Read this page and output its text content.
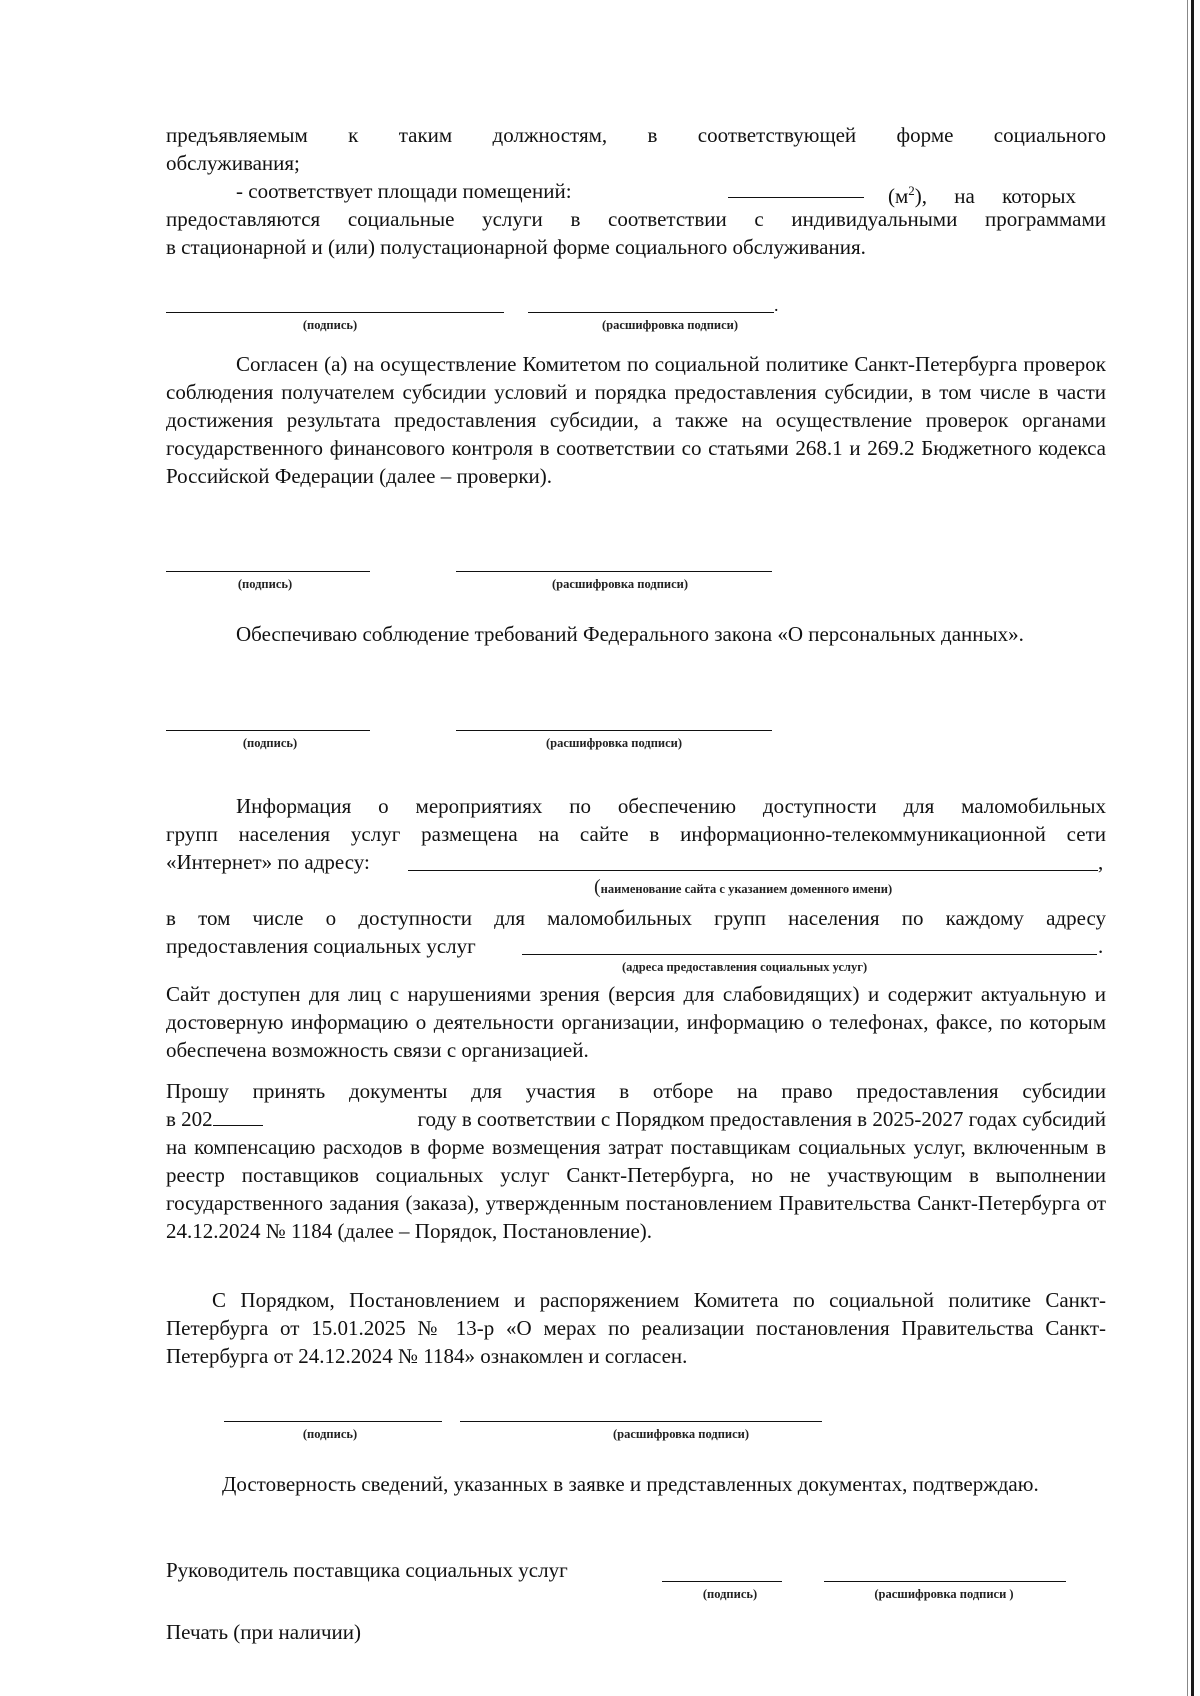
предъявляемым к таким должностям, в соответствующей форме социального
обслуживания;
- соответствует площади помещений:	$(м^2)$, на которых
предоставляются социальные услуги в соответствии с индивидуальными программами
в стационарной и (или) полустационарной форме социального обслуживания.
.
(подпись)	(расшифровка подписи)
Согласен (а) на осуществление Комитетом по социальной политике Санкт-Петербурга проверок соблюдения получателем субсидии условий и порядка предоставления субсидии, в том числе в части достижения результата предоставления субсидии, а также на осуществление проверок органами государственного финансового контроля в соответствии со статьями 268.1 и 269.2 Бюджетного кодекса Российской Федерации (далее – проверки).
(подпись)	(расшифровка подписи)
Обеспечиваю соблюдение требований Федерального закона «О персональных данных».
(подпись)	(расшифровка подписи)
Информация о мероприятиях по обеспечению доступности для маломобильных
групп населения услуг размещена на сайте в информационно-телекоммуникационной сети
«Интернет» по адресу:	,
(наименование сайта с указанием доменного имени)
в том числе о доступности для маломобильных групп населения по каждому адресу
предоставления социальных услуг	.
(адреса предоставления социальных услуг)
Сайт доступен для лиц с нарушениями зрения (версия для слабовидящих) и содержит актуальную и достоверную информацию о деятельности организации, информацию о телефонах, факсе, по которым обеспечена возможность связи с организацией.
Прошу принять документы для участия в отборе на право предоставления субсидии
в 202	году в соответствии с Порядком предоставления в 2025-2027 годах субсидий
на компенсацию расходов в форме возмещения затрат поставщикам социальных услуг, включенным в реестр поставщиков социальных услуг Санкт-Петербурга, но не участвующим в выполнении государственного задания (заказа), утвержденным постановлением Правительства Санкт-Петербурга от 24.12.2024 № 1184 (далее – Порядок, Постановление).
С Порядком, Постановлением и распоряжением Комитета по социальной политике Санкт-Петербурга от 15.01.2025 № 13-р «О мерах по реализации постановления Правительства Санкт-Петербурга от 24.12.2024 № 1184» ознакомлен и согласен.
(подпись)	(расшифровка подписи)
Достоверность сведений, указанных в заявке и представленных документах, подтверждаю.
Руководитель поставщика социальных услуг
(подпись)	(расшифровка подписи )
Печать (при наличии)
